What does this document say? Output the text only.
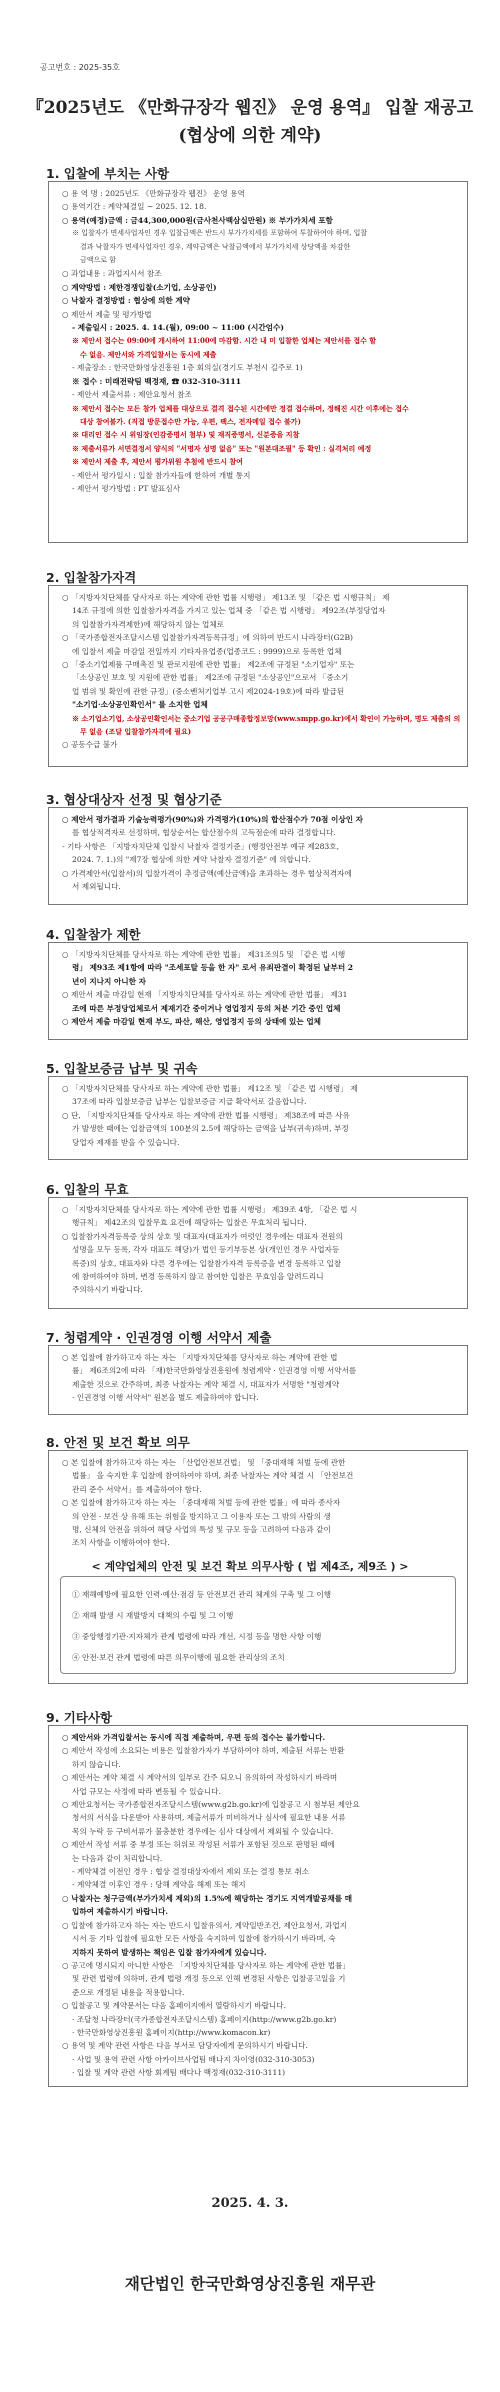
공고번호 : 2025-35호
『2025년도 《만화규장각 웹진》 운영 용역』 입찰 재공고
(협상에 의한 계약)
1. 입찰에 부치는 사항

○ 용 역 명 : 2025년도 《만화규장각 웹진》 운영 용역

○ 용역기간 : 계약체결일 ~ 2025. 12. 18.

○ 용역(예정)금액 : 금44,300,000원(금사천사백삼십만원) ※ 부가가치세 포함

※ 입찰자가 면세사업자인 경우 입찰금액은 반드시 부가가치세를 포함하여 투찰하여야 하며, 입찰

결과 낙찰자가 면세사업자인 경우, 계약금액은 낙찰금액에서 부가가치세 상당액을 차감한

금액으로 함

○ 과업내용 : 과업지시서 참조

○ 계약방법 : 제한경쟁입찰(소기업, 소상공인)

○ 낙찰자 결정방법 : 협상에 의한 계약

○ 제안서 제출 및 평가방법

- 제출일시 : 2025. 4. 14.(월), 09:00 ~ 11:00 (시간엄수)

※ 제안서 접수는 09:00에 개시하여 11:00에 마감함. 시간 내 미 입찰한 업체는 제안서를 접수 할

수 없음. 제안서와 가격입찰서는 동시에 제출

- 제출장소 : 한국만화영상진흥원 1층 회의실(경기도 부천시 길주로 1)

※ 접수 : 미래전략팀 백정재, ☎ 032-310-3111

- 제안서 제출서류 : 제안요청서 참조

※ 제안서 접수는 모든 참가 업체를 대상으로 결격 접수된 시간에만 정결 접수하며, 정해진 시간 이후에는 접수

대상 참여불가. (직접 방문접수만 가능, 우편, 팩스, 전자메일 접수 불가)

※ 대리인 접수 시 위임장(인감증명서 첨부) 및 재직증명서, 신분증을 지참

※ 제출서류가 서면결정서 양식의 "서명자 성명 없음" 또는 "원본대조필" 등 확인 : 실격처리 예정

※ 제안서 제출 후, 제안서 평가위원 추첨에 반드시 참여

- 제안서 평가일시 : 입찰 참가자들에 한하여 개별 통지

- 제안서 평가방법 : PT 발표심사

2. 입찰참가자격

○ 「지방자치단체를 당사자로 하는 계약에 관한 법률 시행령」 제13조 및 「같은 법 시행규칙」 제

14조 규정에 의한 입찰참가자격을 가지고 있는 업체 중 「같은 법 시행령」 제92조(부정당업자

의 입찰참가자격제한)에 해당하지 않는 업체로

○ 「국가종합전자조달시스템 입찰참가자격등록규정」에 의하여 반드시 나라장터(G2B)

에 입찰서 제출 마감일 전일까지 기타자유업종(업종코드 : 9999)으로 등록한 업체

○ 「중소기업제품 구매촉진 및 판로지원에 관한 법률」 제2조에 규정된 "소기업자" 또는

「소상공인 보호 및 지원에 관한 법률」 제2조에 규정된 "소상공인"으로서 「중소기

업 범위 및 확인에 관한 규정」(중소벤처기업부 고시 제2024-19호)에 따라 발급된

"소기업·소상공인확인서" 를 소지한 업체

※ 소기업소기업, 소상공인확인서는 중소기업 공공구매종합정보망(www.smpp.go.kr)에서 확인이 가능하며, 명도 제출의 의

무 없음 (조달 입찰참가자격에 필요)

○ 공동수급 불가

3. 협상대상자 선정 및 협상기준

○ 제안서 평가결과 기술능력평가(90%)와 가격평가(10%)의 합산점수가 70점 이상인 자

를 협상적격자로 선정하며, 협상순서는 합산점수의 고득점순에 따라 결정합니다.

- 기타 사항은 「지방자치단체 입찰시 낙찰자 결정기준」(행정안전부 예규 제283호,

2024. 7. 1.)의 "제7장 협상에 의한 계약 낙찰자 결정기준" 에 의합니다.

○ 가격제안서(입찰서)의 입찰가격이 추정금액(예산금액)을 초과하는 경우 협상적격자에

서 제외됩니다.

4. 입찰참가 제한

○ 「지방자치단체를 당사자로 하는 계약에 관한 법률」 제31조의5 및 「같은 법 시행

령」 제93조 제1항에 따라 "조세포탈 등을 한 자" 로서 유죄판결이 확정된 날부터 2

년이 지나지 아니한 자

○ 제안서 제출 마감일 현재 「지방자치단체를 당사자로 하는 계약에 관한 법률」 제31

조에 따른 부정당업체로서 제재기간 중이거나 영업정지 등의 처분 기간 중인 업체

○ 제안서 제출 마감일 현재 부도, 파산, 해산, 영업정지 등의 상태에 있는 업체

5. 입찰보증금 납부 및 귀속

○ 「지방자치단체를 당사자로 하는 계약에 관한 법률」 제12조 및 「같은 법 시행령」 제

37조에 따라 입찰보증금 납부는 입찰보증금 지급 확약서로 갈음합니다.

○ 단, 「지방자치단체를 당사자로 하는 계약에 관한 법률 시행령」 제38조에 따른 사유

가 발생한 때에는 입찰금액의 100분의 2.5에 해당하는 금액을 납부(귀속)하며, 부정

당업자 제재를 받을 수 있습니다.

6. 입찰의 무효

○ 「지방자치단체를 당사자로 하는 계약에 관한 법률 시행령」 제39조 4항, 「같은 법 시

행규칙」 제42조의 입찰무효 요건에 해당하는 입찰은 무효처리 됩니다.

○ 입찰참가자격등록증 상의 상호 및 대표자(대표자가 여럿인 경우에는 대표자 전원의

성명을 모두 등록, 각자 대표도 해당)가 법인 등기부등본 상(개인인 경우 사업자등

록증)의 상호, 대표자와 다른 경우에는 입찰참가자격 등록증을 변경 등록하고 입찰

에 참여하여야 하며, 변경 등록하지 않고 참여한 입찰은 무효임을 알려드리니

주의하시기 바랍니다.

7. 청렴계약 · 인권경영 이행 서약서 제출

○ 본 입찰에 참가하고자 하는 자는 「지방자치단체를 당사자로 하는 계약에 관한 법

률」 제6조의2에 따라 「재)한국만화영상진흥원에 청렴계약 · 인권경영 이행 서약서를

제출한 것으로 간주하며, 최종 낙찰자는 계약 체결 시, 대표자가 서명한 "청렴계약

· 인권경영 이행 서약서" 원본을 별도 제출하여야 합니다.

8. 안전 및 보건 확보 의무

○ 본 입찰에 참가하고자 하는 자는 「산업안전보건법」 및 「중대재해 처벌 등에 관한

법률」 을 숙지한 후 입찰에 참여하여야 하며, 최종 낙찰자는 계약 체결 시 「안전보건

관리 준수 서약서」를 제출하여야 함다.

○ 본 입찰에 참가하고자 하는 자는 「중대재해 처벌 등에 관한 법률」에 따라 종사자

의 안전 · 보건 상 유해 또는 위험을 방지하고 그 이용자 또는 그 밖의 사람의 생

명, 신체의 안전을 위하여 해당 사업의 특성 및 규모 등을 고려하여 다음과 같이

조치 사항을 이행하여야 한다.

< 계약업체의 안전 및 보건 확보 의무사항 ( 법 제4조, 제9조 ) >

① 재해예방에 필요한 인력·예산·점검 등 안전보건 관리 체계의 구축 및 그 이행

② 재해 발생 시 재발방지 대책의 수립 및 그 이행

③ 중앙행정기관·지자체가 관계 법령에 따라 개선, 시정 등을 명한 사항 이행

④ 안전·보건 관계 법령에 따른 의무이행에 필요한 관리상의 조치

9. 기타사항

○ 제안서와 가격입찰서는 동시에 직접 제출하며, 우편 등의 접수는 불가합니다.

○ 제안서 작성에 소요되는 비용은 입찰참가자가 부담하여야 하며, 제출된 서류는 반환

하지 않습니다.

○ 제안서는 계약 체결 시 계약서의 일부로 간주 되오니 유의하여 작성하시기 바라며

사업 규모는 사정에 따라 변동될 수 있습니다.

○ 제안요청서는 국가종합전자조달시스템(www.g2b.go.kr)에 입찰공고 시 첨부된 제안요

청서의 서식을 다운받아 사용하며, 제출서류가 미비하거나 심사에 필요한 내용 서류

목의 누락 등 구비서류가 불충분한 경우에는 심사 대상에서 제외될 수 있습니다.

○ 제안서 작성 서류 중 부정 또는 허위로 작성된 서류가 포함된 것으로 판명된 때에

는 다음과 같이 처리합니다.

- 계약체결 이전인 경우 : 협상 결정대상자에서 제외 또는 결정 통보 취소

- 계약체결 이후인 경우 : 당해 계약을 해제 또는 해지

○ 낙찰자는 청구금액(부가가치세 제외)의 1.5%에 해당하는 경기도 지역개발공채를 매

입하여 제출하시기 바랍니다.

○ 입찰에 참가하고자 하는 자는 반드시 입찰유의서, 계약일반조건, 제안요청서, 과업지

시서 등 기타 입찰에 필요한 모든 사항을 숙지하여 입찰에 참가하시기 바라며, 숙

지하지 못하여 발생하는 책임은 입찰 참가자에게 있습니다.

○ 공고에 명시되지 아니한 사항은 「지방자치단체를 당사자로 하는 계약에 관한 법률」

및 관련 법령에 의하며, 관계 법령 개정 등으로 인해 변경된 사항은 입찰공고일을 기

준으로 개정된 내용을 적용합니다.

○ 입찰공고 및 계약문서는 다음 홈페이지에서 열람하시기 바랍니다.

· 조달청 나라장터(국가종합전자조달시스템) 홈페이지(http://www.g2b.go.kr)

· 한국만화영상진흥원 홈페이지(http://www.komacon.kr)

○ 용역 및 계약 관련 사항은 다음 부서로 담당자에게 문의하시기 바랍니다.

· 사업 및 용역 관련 사항 아카이브사업팀 배나지 차이영(032-310-3053)

· 입찰 및 계약 관련 사항 회계팀 배다나 백정재(032-310-3111)

2025. 4. 3.
재단법인 한국만화영상진흥원 재무관
